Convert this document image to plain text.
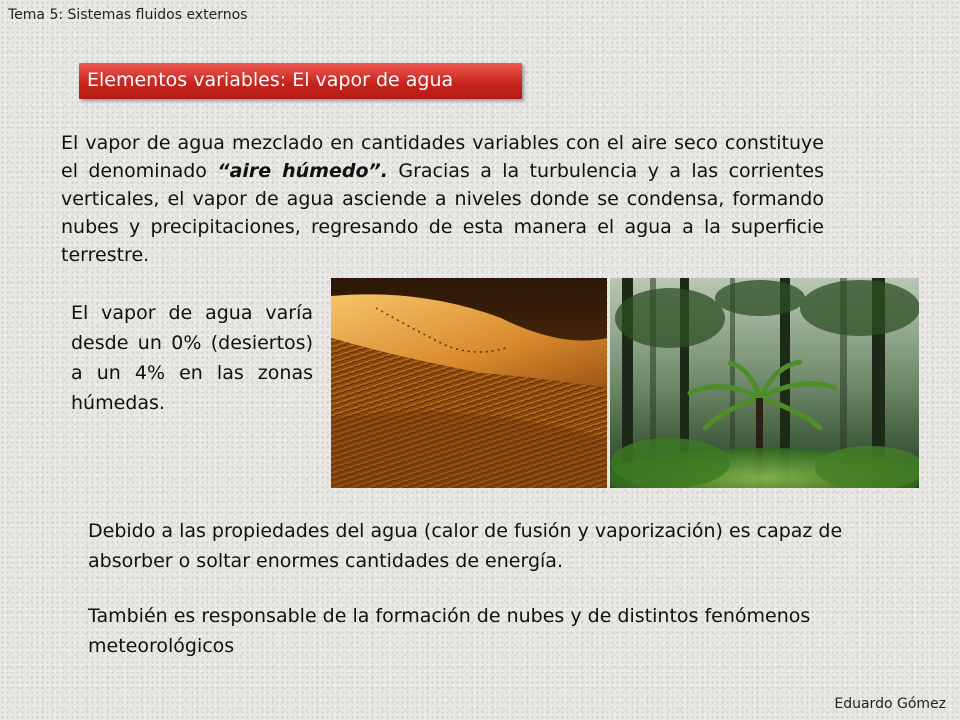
Tema 5: Sistemas fluidos externos
Elementos variables: El vapor de agua

El vapor de agua mezclado en cantidades variables con el aire seco constituye el denominado “aire húmedo”. Gracias a la turbulencia y a las corrientes verticales, el vapor de agua asciende a niveles donde se condensa, formando nubes y precipitaciones, regresando de esta manera el agua a la superficie terrestre.

El vapor de agua varía desde un 0% (desiertos) a un 4% en las zonas húmedas.

Debido a las propiedades del agua (calor de fusión y vaporización) es capaz de absorber o soltar enormes cantidades de energía.

También es responsable de la formación de nubes y de distintos fenómenos meteorológicos

Eduardo Gómez
